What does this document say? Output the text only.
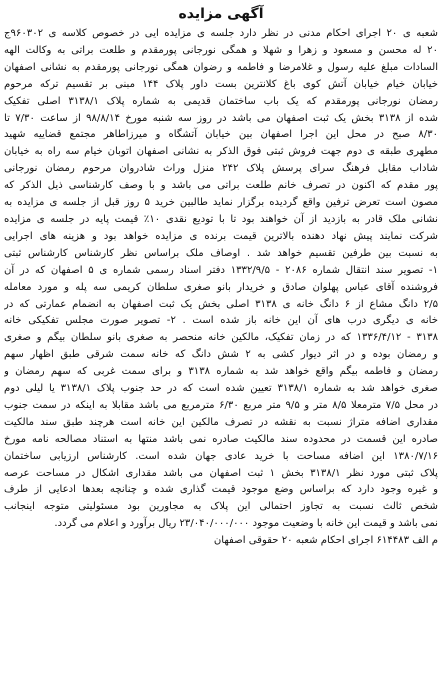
آگهی مزایده
شعبه ی ۲۰ اجرای احکام مدنی در نظر دارد جلسه ی مزایده ایی در خصوص کلاسه ی ۹۶۰۳۰۲ج
۲۰ له محسن و مسعود و زهرا و شهلا و همگی نورجانی پورمقدم و طلعت براتی به وکالت الهه
السادات مبلغ علیه رسول و غلامرضا و فاطمه و رضوان همگی نورجانی پورمقدم به نشانی اصفهان
خیابان خیام خیابان آتش کوی باغ کلانترین بست داور پلاک ۱۴۴ مبنی بر تقسیم ترکه مرحوم
رمضان نورجانی پورمقدم که یک باب ساختمان قدیمی به شماره پلاک ۳۱۳۸/۱ اصلی تفکیک
شده از ۳۱۳۸ بخش یک ثبت اصفهان می باشد در روز سه شنبه مورخ ۹۸/۸/۱۴ از ساعت ۷/۳۰ تا
۸/۳۰ صبح در محل این اجرا اصفهان بین خیابان آتشگاه و میرزاطاهر مجتمع قضاییه شهید
مطهری طبقه ی دوم جهت فروش ثبتی فوق الذکر به نشانی اصفهان اتوبان خیام سه راه به خیابان
شاداب مقابل فرهنگ سرای پرسش پلاک ۲۴۲ منزل وراث شادروان مرحوم رمضان نورجانی
پور مقدم که اکنون در تصرف خانم طلعت براتی می باشد و با وصف کارشناسی ذیل الذکر که
مصون است تعرض ترفین واقع گردیده برگزار نماید طالبین خرید ۵ روز قبل از جلسه ی مزایده به
نشانی ملک قادر به بازدید از آن خواهند بود تا با تودیع نقدی ۱۰٪ قیمت پایه در جلسه ی مزایده
شرکت نمایند پیش نهاد دهنده بالاترین قیمت برنده ی مزایده خواهد بود و هزینه های اجرایی
به نسبت بین طرفین تقسیم خواهد شد . اوصاف ملک براساس نظر کارشناس کارشناس ثبتی
۱- تصویر سند انتقال شماره ۲۰۸۶ - ۱۳۳۲/۹/۵ دفتر اسناد رسمی شماره ی ۵ اصفهان که در آن
فروشنده آقای عباس پهلوان صادق و خریدار بانو صغری سلطان کریمی سه پله و مورد معامله
۲/۵ دانگ مشاع از ۶ دانگ خانه ی ۳۱۳۸ اصلی بخش یک ثبت اصفهان به انضمام عمارتی که در
خانه ی دیگری درب های آن این خانه باز شده است . ۲- تصویر صورت مجلس تفکیکی خانه
۳۱۳۸ - ۱۳۳۶/۴/۱۲ که در زمان تفکیک، مالکین خانه منحصر به صغری بانو سلطان بیگم و صغری
و رمضان بوده و در اثر دیوار کشی به ۲ شش دانگ که خانه سمت شرقی طبق اظهار سهم
رمضان و فاطمه بیگم واقع خواهد شد به شماره ۳۱۳۸ و برای سمت غربی که سهم رمضان و
صغری خواهد شد به شماره ۳۱۳۸/۱ تعیین شده است که در حد جنوب پلاک ۳۱۳۸/۱ یا لیلی دوم
در محل ۷/۵ مترمعلا ۸/۵ متر و ۹/۵ متر مربع ۶/۳۰ مترمربع می باشد مقابلا به اینکه در سمت جنوب
مقداری اضافه متراژ نسبت به نقشه در تصرف مالکین این خانه است هرچند طبق سند مالکیت
صادره این قسمت در محدوده سند مالکیت صادره نمی باشد منتها به استناد مصالحه نامه مورخ
۱۳۸۰/۷/۱۶ این اضافه مساحت با خرید عادی جهان شده است. کارشناس ارزیابی ساختمان
پلاک ثبتی مورد نظر ۳۱۳۸/۱ بخش ۱ ثبت اصفهان می باشد مقداری اشکال در مساحت عرصه
و غیره وجود دارد که براساس وضع موجود قیمت گذاری شده و چنانچه بعدها ادعایی از طرف
شخص ثالث نسبت به تجاوز احتمالی این پلاک به مجاورین بود مسئولیتی متوجه اینجانب
نمی باشد و قیمت این خانه با وضعیت موجود ۲۳/۰۴۰/۰۰۰/۰۰۰ ریال برآورد و اعلام می گردد.
م الف ۶۱۴۴۸۳ اجرای احکام شعبه ۲۰ حقوقی اصفهان
